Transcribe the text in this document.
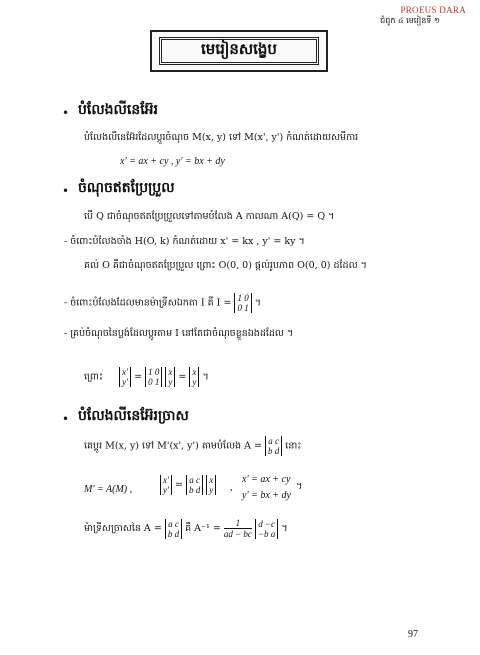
PROEUS DARA
ជំពូក ៤ មេរៀនទី ១
មេរៀនសង្ខេប
• បំលែងលីនេអ៊ែរ
បំលែងលីនេអ៊ែរដែលប្តូរចំណុច M(x, y) ទៅ M(x', y') កំណត់ដោយសមីការ
x' = ax + cy , y' = bx + dy
• ចំណុចឥតប្រែប្រួល
បើ Q ជាចំណុចឥតប្រែប្រួលទៅតាមបំលែង A កាលណា A(Q) = Q ។
- ចំពោះបំលែងចាំង H(O, k) កំណត់ដោយ x' = kx , y' = ky ។
គល់ O គឺជាចំណុចឥតប្រែប្រួល ព្រោះ O(0, 0) ផ្តល់រូបភាព O(0, 0) ដដែល ។
- ចំពោះបំលែងដែលមានម៉ាទ្រីសឯកតា I គឺ I = 1 0
0 1 ។
- គ្រប់ចំណុចនៃប្លង់ដែលប្តូរតាម I នៅតែជាចំណុចខ្លួនឯងដដែល ។
ព្រោះ x'
y' = 1 0
0 1

x
y = x
y ។
• បំលែងលីនេអ៊ែរច្រាស
គេប្តូរ M(x, y) ទៅ M'(x', y') តាមបំលែង A = a c
b d នោះ
M' = A(M) ,
x'
y' = a c
b d

x
y ,
x' = ax + cy
y' = bx + dy
។
ម៉ាទ្រីសច្រាសនៃ A = a c
b d គឺ $A^{-1} = \frac{1}{ad - bc}$
d −c
−b a ។
97
